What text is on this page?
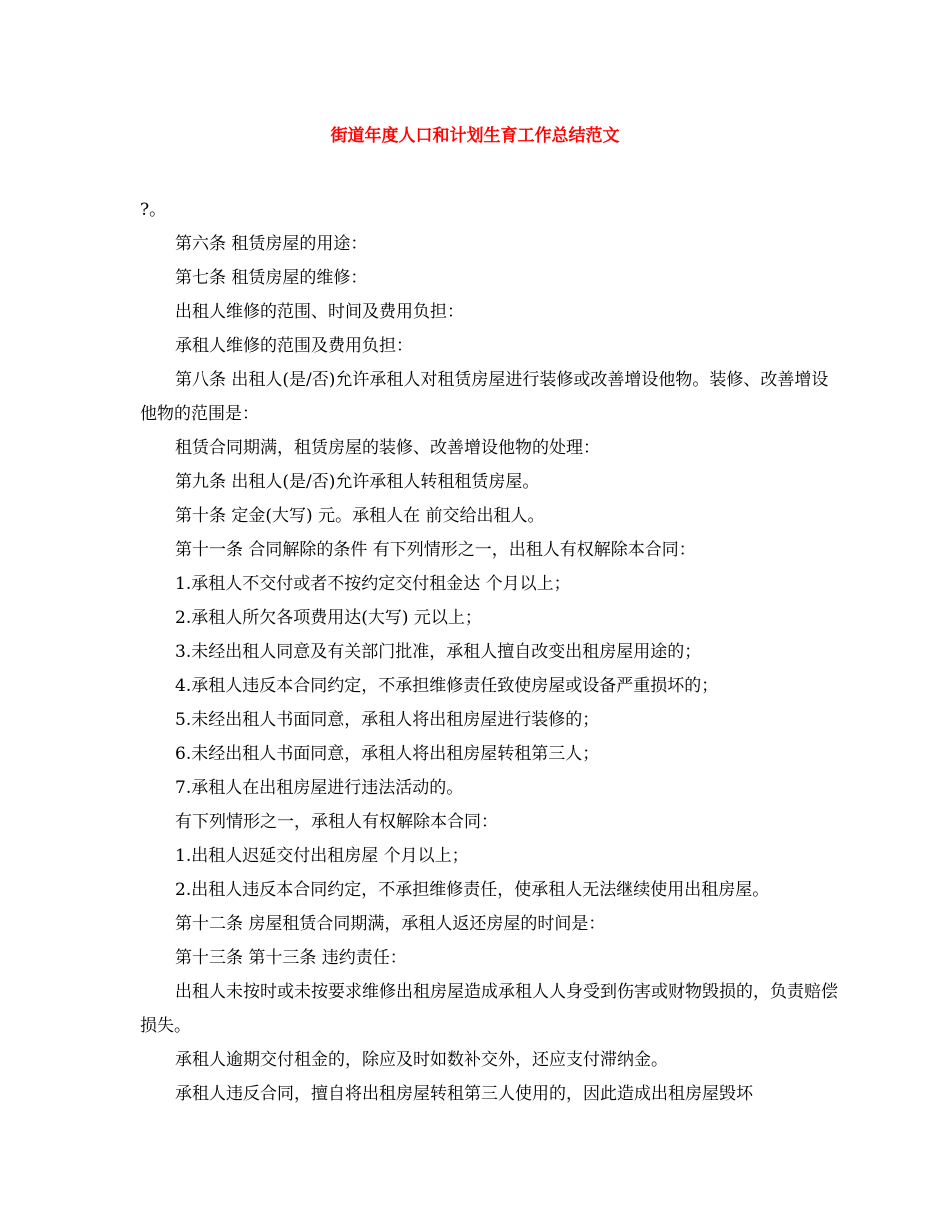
街道年度人口和计划生育工作总结范文

?。

第六条 租赁房屋的用途：

第七条 租赁房屋的维修：

出租人维修的范围、时间及费用负担：

承租人维修的范围及费用负担：

第八条 出租人(是/否)允许承租人对租赁房屋进行装修或改善增设他物。装修、改善增设他物的范围是：

租赁合同期满，租赁房屋的装修、改善增设他物的处理：

第九条 出租人(是/否)允许承租人转租租赁房屋。

第十条 定金(大写) 元。承租人在 前交给出租人。

第十一条 合同解除的条件 有下列情形之一，出租人有权解除本合同：

1.承租人不交付或者不按约定交付租金达 个月以上；

2.承租人所欠各项费用达(大写) 元以上；

3.未经出租人同意及有关部门批准，承租人擅自改变出租房屋用途的；

4.承租人违反本合同约定，不承担维修责任致使房屋或设备严重损坏的；

5.未经出租人书面同意，承租人将出租房屋进行装修的；

6.未经出租人书面同意，承租人将出租房屋转租第三人；

7.承租人在出租房屋进行违法活动的。

有下列情形之一，承租人有权解除本合同：

1.出租人迟延交付出租房屋 个月以上；

2.出租人违反本合同约定，不承担维修责任，使承租人无法继续使用出租房屋。

第十二条 房屋租赁合同期满，承租人返还房屋的时间是：

第十三条 第十三条 违约责任：

出租人未按时或未按要求维修出租房屋造成承租人人身受到伤害或财物毁损的，负责赔偿损失。

承租人逾期交付租金的，除应及时如数补交外，还应支付滞纳金。

承租人违反合同，擅自将出租房屋转租第三人使用的，因此造成出租房屋毁坏
